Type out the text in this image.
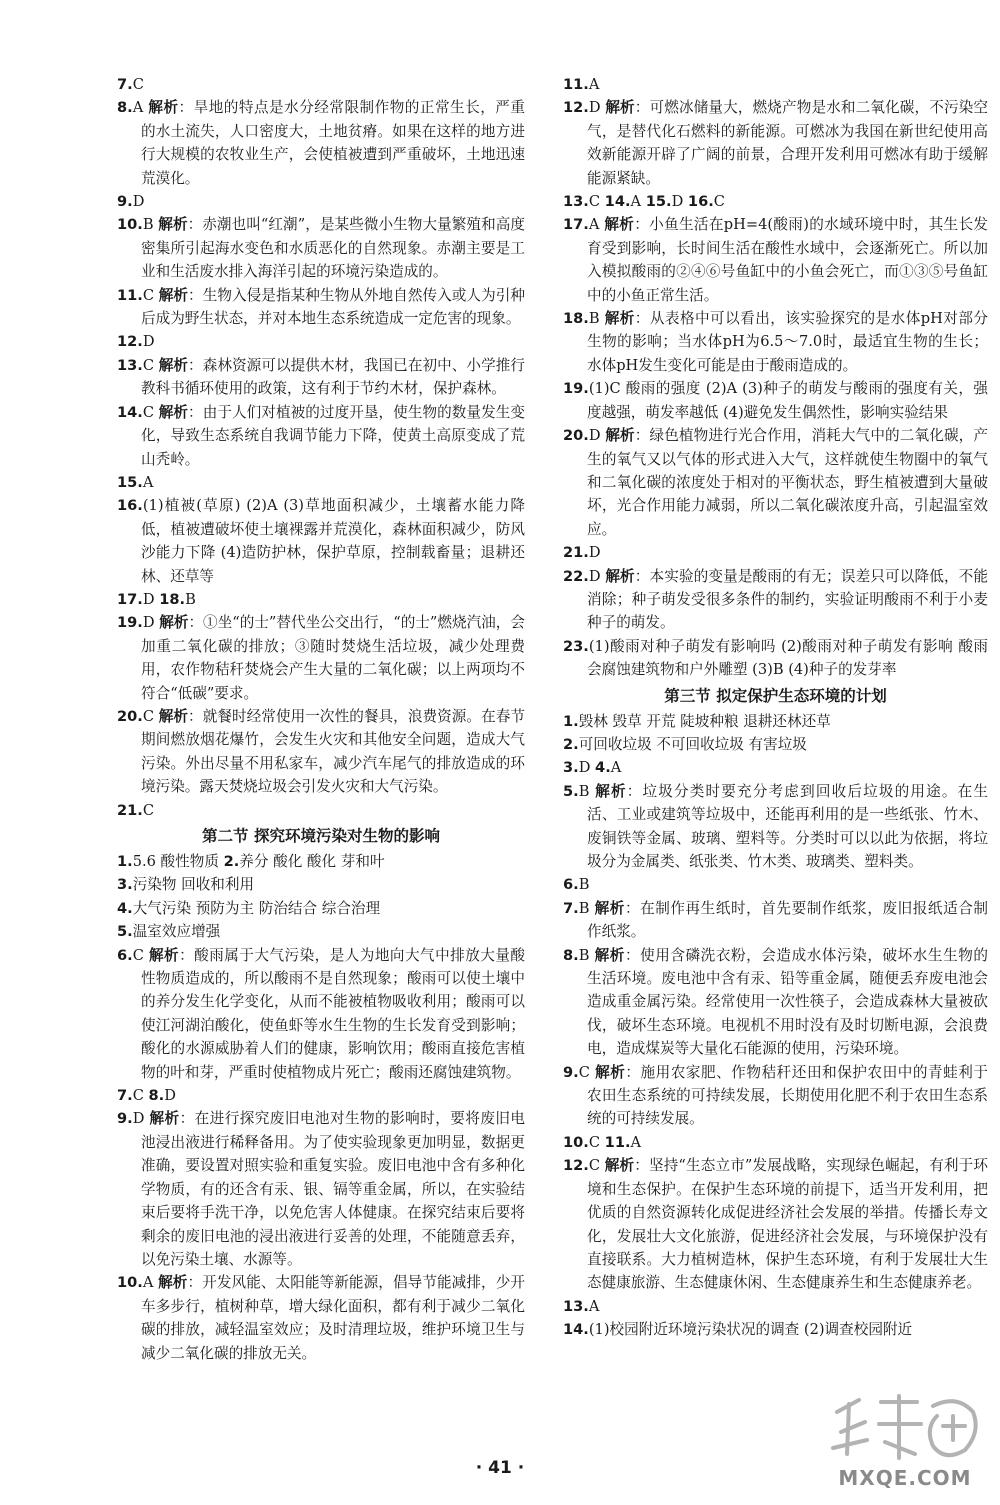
7.C
8.A 解析：旱地的特点是水分经常限制作物的正常生长，严重的水土流失，人口密度大，土地贫瘠。如果在这样的地方进行大规模的农牧业生产，会使植被遭到严重破坏，土地迅速荒漠化。
9.D
10.B 解析：赤潮也叫“红潮”，是某些微小生物大量繁殖和高度密集所引起海水变色和水质恶化的自然现象。赤潮主要是工业和生活废水排入海洋引起的环境污染造成的。
11.C 解析：生物入侵是指某种生物从外地自然传入或人为引种后成为野生状态，并对本地生态系统造成一定危害的现象。
12.D
13.C 解析：森林资源可以提供木材，我国已在初中、小学推行教科书循环使用的政策，这有利于节约木材，保护森林。
14.C 解析：由于人们对植被的过度开垦，使生物的数量发生变化，导致生态系统自我调节能力下降，使黄土高原变成了荒山秃岭。
15.A
16.(1)植被(草原) (2)A (3)草地面积减少，土壤蓄水能力降低，植被遭破坏使土壤裸露并荒漠化，森林面积减少，防风沙能力下降 (4)造防护林，保护草原，控制载畜量；退耕还林、还草等
17.D 18.B
19.D 解析：①坐“的士”替代坐公交出行，“的士”燃烧汽油，会加重二氧化碳的排放；③随时焚烧生活垃圾，减少处理费用，农作物秸秆焚烧会产生大量的二氧化碳；以上两项均不符合“低碳”要求。
20.C 解析：就餐时经常使用一次性的餐具，浪费资源。在春节期间燃放烟花爆竹，会发生火灾和其他安全问题，造成大气污染。外出尽量不用私家车，减少汽车尾气的排放造成的环境污染。露天焚烧垃圾会引发火灾和大气污染。
21.C
第二节 探究环境污染对生物的影响
1.5.6 酸性物质 2.养分 酸化 酸化 芽和叶
3.污染物 回收和利用
4.大气污染 预防为主 防治结合 综合治理
5.温室效应增强
6.C 解析：酸雨属于大气污染，是人为地向大气中排放大量酸性物质造成的，所以酸雨不是自然现象；酸雨可以使土壤中的养分发生化学变化，从而不能被植物吸收利用；酸雨可以使江河湖泊酸化，使鱼虾等水生生物的生长发育受到影响；酸化的水源威胁着人们的健康，影响饮用；酸雨直接危害植物的叶和芽，严重时使植物成片死亡；酸雨还腐蚀建筑物。
7.C 8.D
9.D 解析：在进行探究废旧电池对生物的影响时，要将废旧电池浸出液进行稀释备用。为了使实验现象更加明显，数据更准确，要设置对照实验和重复实验。废旧电池中含有多种化学物质，有的还含有汞、银、镉等重金属，所以，在实验结束后要将手洗干净，以免危害人体健康。在探究结束后要将剩余的废旧电池的浸出液进行妥善的处理，不能随意丢弃，以免污染土壤、水源等。
10.A 解析：开发风能、太阳能等新能源，倡导节能减排，少开车多步行，植树种草，增大绿化面积，都有利于减少二氧化碳的排放，减轻温室效应；及时清理垃圾，维护环境卫生与减少二氧化碳的排放无关。
11.A
12.D 解析：可燃冰储量大，燃烧产物是水和二氧化碳，不污染空气，是替代化石燃料的新能源。可燃冰为我国在新世纪使用高效新能源开辟了广阔的前景，合理开发利用可燃冰有助于缓解能源紧缺。
13.C 14.A 15.D 16.C
17.A 解析：小鱼生活在pH=4(酸雨)的水域环境中时，其生长发育受到影响，长时间生活在酸性水域中，会逐渐死亡。所以加入模拟酸雨的②④⑥号鱼缸中的小鱼会死亡，而①③⑤号鱼缸中的小鱼正常生活。
18.B 解析：从表格中可以看出，该实验探究的是水体pH对部分生物的影响；当水体pH为6.5～7.0时，最适宜生物的生长；水体pH发生变化可能是由于酸雨造成的。
19.(1)C 酸雨的强度 (2)A (3)种子的萌发与酸雨的强度有关，强度越强，萌发率越低 (4)避免发生偶然性，影响实验结果
20.D 解析：绿色植物进行光合作用，消耗大气中的二氧化碳，产生的氧气又以气体的形式进入大气，这样就使生物圈中的氧气和二氧化碳的浓度处于相对的平衡状态，野生植被遭到大量破坏，光合作用能力减弱，所以二氧化碳浓度升高，引起温室效应。
21.D
22.D 解析：本实验的变量是酸雨的有无；误差只可以降低，不能消除；种子萌发受很多条件的制约，实验证明酸雨不利于小麦种子的萌发。
23.(1)酸雨对种子萌发有影响吗 (2)酸雨对种子萌发有影响 酸雨会腐蚀建筑物和户外雕塑 (3)B (4)种子的发芽率
第三节 拟定保护生态环境的计划
1.毁林 毁草 开荒 陡坡种粮 退耕还林还草
2.可回收垃圾 不可回收垃圾 有害垃圾
3.D 4.A
5.B 解析：垃圾分类时要充分考虑到回收后垃圾的用途。在生活、工业或建筑等垃圾中，还能再利用的是一些纸张、竹木、废铜铁等金属、玻璃、塑料等。分类时可以以此为依据，将垃圾分为金属类、纸张类、竹木类、玻璃类、塑料类。
6.B
7.B 解析：在制作再生纸时，首先要制作纸浆，废旧报纸适合制作纸浆。
8.B 解析：使用含磷洗衣粉，会造成水体污染，破坏水生生物的生活环境。废电池中含有汞、铅等重金属，随便丢弃废电池会造成重金属污染。经常使用一次性筷子，会造成森林大量被砍伐，破坏生态环境。电视机不用时没有及时切断电源，会浪费电，造成煤炭等大量化石能源的使用，污染环境。
9.C 解析：施用农家肥、作物秸秆还田和保护农田中的青蛙利于农田生态系统的可持续发展，长期使用化肥不利于农田生态系统的可持续发展。
10.C 11.A
12.C 解析：坚持“生态立市”发展战略，实现绿色崛起，有利于环境和生态保护。在保护生态环境的前提下，适当开发利用，把优质的自然资源转化成促进经济社会发展的举措。传播长寿文化，发展壮大文化旅游，促进经济社会发展，与环境保护没有直接联系。大力植树造林，保护生态环境，有利于发展壮大生态健康旅游、生态健康休闲、生态健康养生和生态健康养老。
13.A
14.(1)校园附近环境污染状况的调查 (2)调查校园附近
· 41 ·	MXQE.COM
